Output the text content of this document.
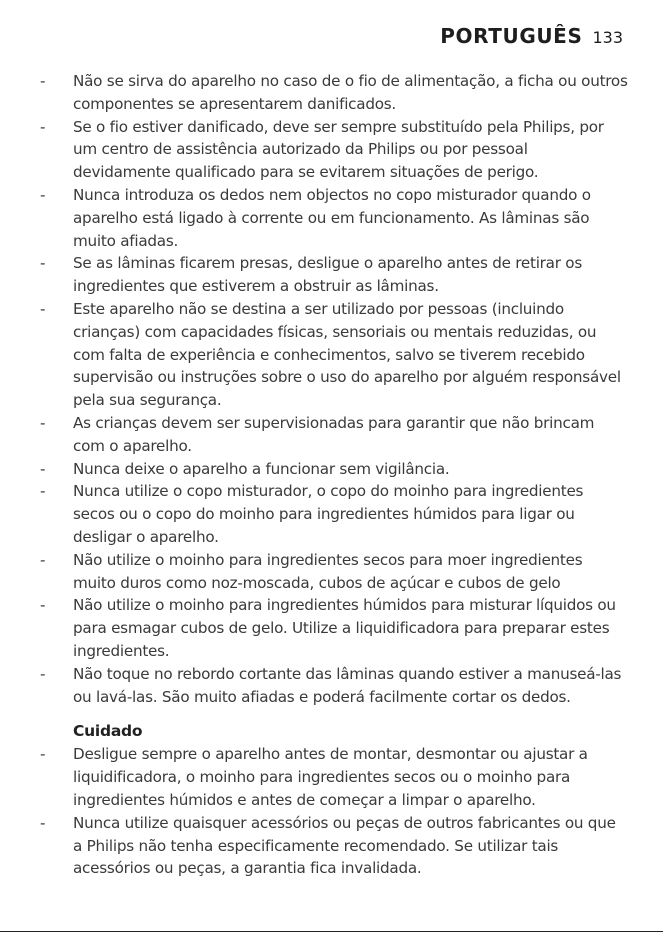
PORTUGUÊS 133
- Não se sirva do aparelho no caso de o fio de alimentação, a ficha ou outros componentes se apresentarem danificados.
- Se o fio estiver danificado, deve ser sempre substituído pela Philips, por um centro de assistência autorizado da Philips ou por pessoal devidamente qualificado para se evitarem situações de perigo.
- Nunca introduza os dedos nem objectos no copo misturador quando o aparelho está ligado à corrente ou em funcionamento. As lâminas são muito afiadas.
- Se as lâminas ficarem presas, desligue o aparelho antes de retirar os ingredientes que estiverem a obstruir as lâminas.
- Este aparelho não se destina a ser utilizado por pessoas (incluindo crianças) com capacidades físicas, sensoriais ou mentais reduzidas, ou com falta de experiência e conhecimentos, salvo se tiverem recebido supervisão ou instruções sobre o uso do aparelho por alguém responsável pela sua segurança.
- As crianças devem ser supervisionadas para garantir que não brincam com o aparelho.
- Nunca deixe o aparelho a funcionar sem vigilância.
- Nunca utilize o copo misturador, o copo do moinho para ingredientes secos ou o copo do moinho para ingredientes húmidos para ligar ou desligar o aparelho.
- Não utilize o moinho para ingredientes secos para moer ingredientes muito duros como noz-moscada, cubos de açúcar e cubos de gelo
- Não utilize o moinho para ingredientes húmidos para misturar líquidos ou para esmagar cubos de gelo. Utilize a liquidificadora para preparar estes ingredientes.
- Não toque no rebordo cortante das lâminas quando estiver a manuseá-las ou lavá-las. São muito afiadas e poderá facilmente cortar os dedos.
Cuidado
- Desligue sempre o aparelho antes de montar, desmontar ou ajustar a liquidificadora, o moinho para ingredientes secos ou o moinho para ingredientes húmidos e antes de começar a limpar o aparelho.
- Nunca utilize quaisquer acessórios ou peças de outros fabricantes ou que a Philips não tenha especificamente recomendado. Se utilizar tais acessórios ou peças, a garantia fica invalidada.
